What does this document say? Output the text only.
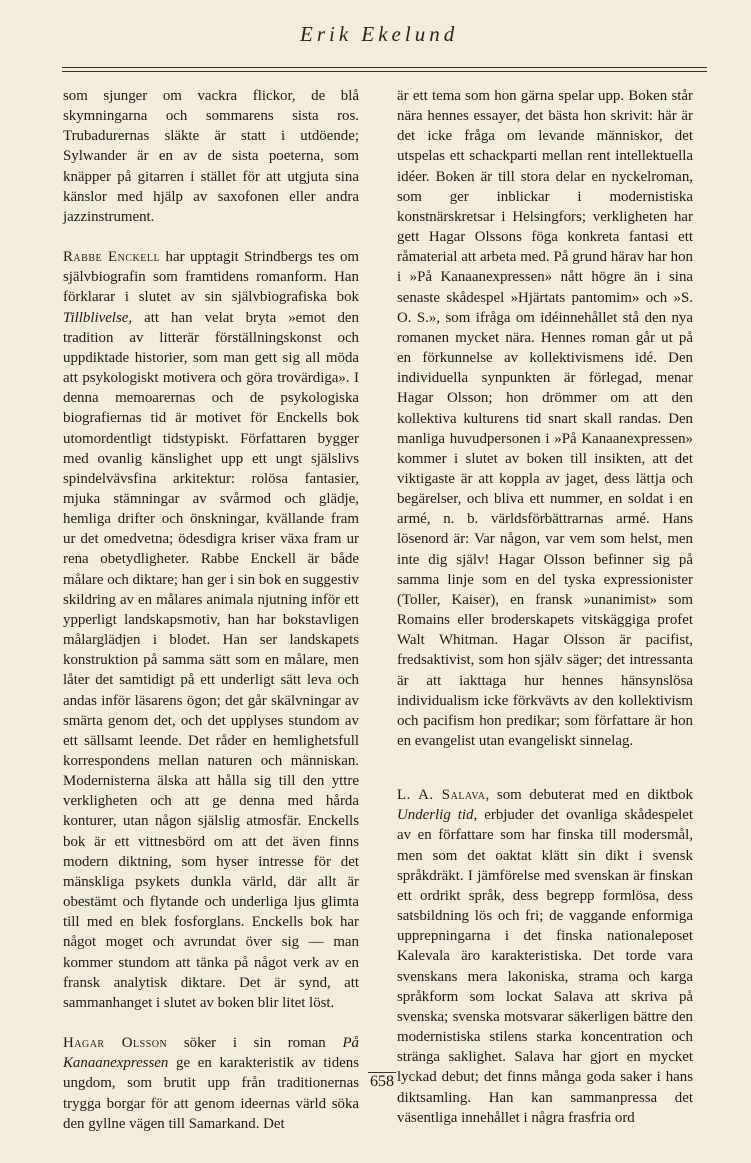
Erik Ekelund

som sjunger om vackra flickor, de blå skymningarna och sommarens sista ros. Trubadurernas släkte är statt i utdöende; Sylwander är en av de sista poeterna, som knäpper på gitarren i stället för att utgjuta sina känslor med hjälp av saxofonen eller andra jazzinstrument.

Rabbe Enckell har upptagit Strindbergs tes om självbiografin som framtidens romanform. Han förklarar i slutet av sin självbiografiska bok Tillblivelse, att han velat bryta »emot den tradition av litterär förställningskonst och uppdiktade historier, som man gett sig all möda att psykologiskt motivera och göra trovärdiga». I denna memoarernas och de psykologiska biografiernas tid är motivet för Enckells bok utomordentligt tidstypiskt. Författaren bygger med ovanlig känslighet upp ett ungt själslivs spindelvävsfina arkitektur: rolösa fantasier, mjuka stämningar av svårmod och glädje, hemliga drifter och önskningar, kvällande fram ur det omedvetna; ödesdigra kriser växa fram ur rena obetydligheter. Rabbe Enckell är både målare och diktare; han ger i sin bok en suggestiv skildring av en målares animala njutning inför ett ypperligt landskapsmotiv, han har bokstavligen målarglädjen i blodet. Han ser landskapets konstruktion på samma sätt som en målare, men låter det samtidigt på ett underligt sätt leva och andas inför läsarens ögon; det går skälvningar av smärta genom det, och det upplyses stundom av ett sällsamt leende. Det råder en hemlighetsfull korrespondens mellan naturen och människan. Modernisterna älska att hålla sig till den yttre verkligheten och att ge denna med hårda konturer, utan någon själslig atmosfär. Enckells bok är ett vittnesbörd om att det även finns modern diktning, som hyser intresse för det mänskliga psykets dunkla värld, där allt är obestämt och flytande och underliga ljus glimta till med en blek fosforglans. Enckells bok har något moget och avrundat över sig — man kommer stundom att tänka på något verk av en fransk analytisk diktare. Det är synd, att sammanhanget i slutet av boken blir litet löst.

Hagar Olsson söker i sin roman På Kanaanexpressen ge en karakteristik av tidens ungdom, som brutit upp från traditionernas trygga borgar för att genom ideernas värld söka den gyllne vägen till Samarkand. Det

är ett tema som hon gärna spelar upp. Boken står nära hennes essayer, det bästa hon skrivit: här är det icke fråga om levande människor, det utspelas ett schackparti mellan rent intellektuella idéer. Boken är till stora delar en nyckelroman, som ger inblickar i modernistiska konstnärskretsar i Helsingfors; verkligheten har gett Hagar Olssons föga konkreta fantasi ett råmaterial att arbeta med. På grund härav har hon i »På Kanaanexpressen» nått högre än i sina senaste skådespel »Hjärtats pantomim» och »S. O. S.», som ifråga om idéinnehållet stå den nya romanen mycket nära. Hennes roman går ut på en förkunnelse av kollektivismens idé. Den individuella synpunkten är förlegad, menar Hagar Olsson; hon drömmer om att den kollektiva kulturens tid snart skall randas. Den manliga huvudpersonen i »På Kanaanexpressen» kommer i slutet av boken till insikten, att det viktigaste är att koppla av jaget, dess lättja och begärelser, och bliva ett nummer, en soldat i en armé, n. b. världsförbättrarnas armé. Hans lösenord är: Var någon, var vem som helst, men inte dig själv! Hagar Olsson befinner sig på samma linje som en del tyska expressionister (Toller, Kaiser), en fransk »unanimist» som Romains eller broderskapets vitskäggiga profet Walt Whitman. Hagar Olsson är pacifist, fredsaktivist, som hon själv säger; det intressanta är att iakttaga hur hennes hänsynslösa individualism icke förkvävts av den kollektivism och pacifism hon predikar; som författare är hon en evangelist utan evangeliskt sinnelag.

L. A. Salava, som debuterat med en diktbok Underlig tid, erbjuder det ovanliga skådespelet av en författare som har finska till modersmål, men som det oaktat klätt sin dikt i svensk språkdräkt. I jämförelse med svenskan är finskan ett ordrikt språk, dess begrepp formlösa, dess satsbildning lös och fri; de vaggande enformiga upprepningarna i det finska nationaleposet Kalevala äro karakteristiska. Det torde vara svenskans mera lakoniska, strama och karga språkform som lockat Salava att skriva på svenska; svenska motsvarar säkerligen bättre den modernistiska stilens starka koncentration och stränga saklighet. Salava har gjort en mycket lyckad debut; det finns många goda saker i hans diktsamling. Han kan sammanpressa det väsentliga innehållet i några frasfria ord

658
